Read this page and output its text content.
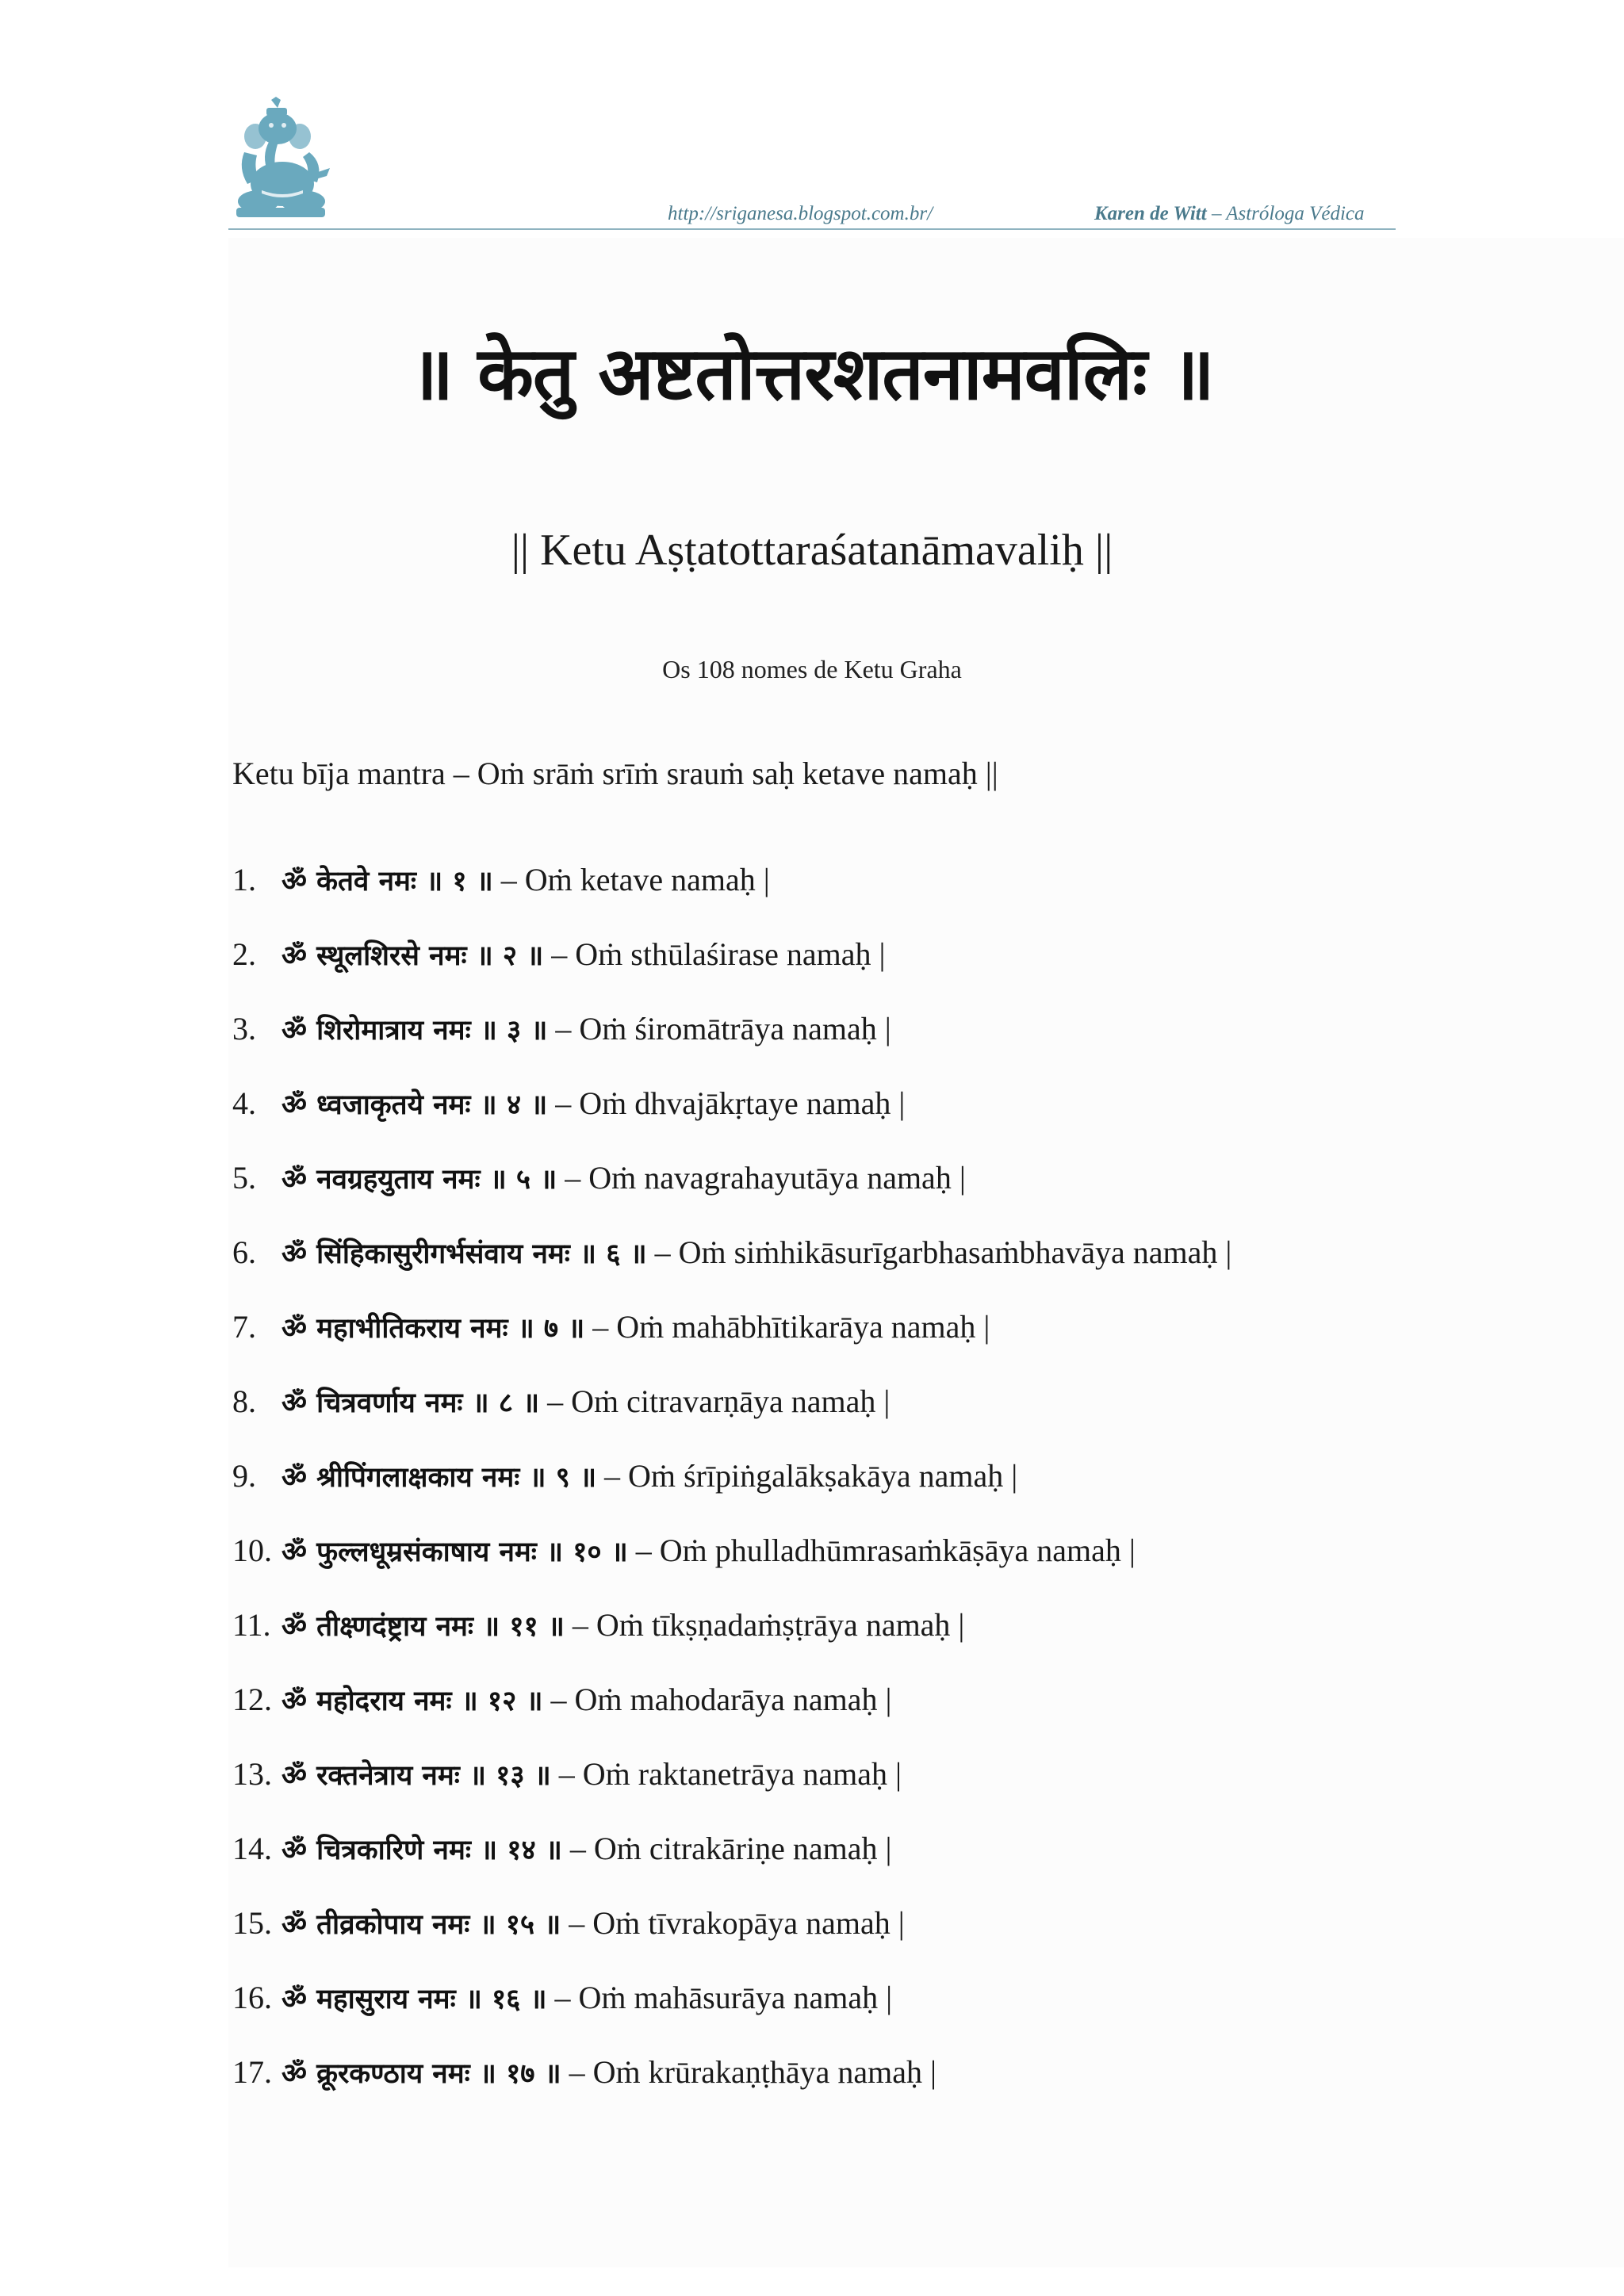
http://sriganesa.blogspot.com.br/	Karen de Witt – Astróloga Védica
॥ केतु अष्टतोत्तरशतनामवलिः ॥
|| Ketu Aṣṭatottaraśatanāmavaliḥ ||
Os 108 nomes de Ketu Graha
Ketu bīja mantra – Oṁ srāṁ srīṁ srauṁ saḥ ketave namaḥ ||
1. ॐ केतवे नमः ॥ १ ॥ – Oṁ ketave namaḥ |
2. ॐ स्थूलशिरसे नमः ॥ २ ॥ – Oṁ sthūlaśirase namaḥ |
3. ॐ शिरोमात्राय नमः ॥ ३ ॥ – Oṁ śiromātrāya namaḥ |
4. ॐ ध्वजाकृतये नमः ॥ ४ ॥ – Oṁ dhvajākṛtaye namaḥ |
5. ॐ नवग्रहयुताय नमः ॥ ५ ॥ – Oṁ navagrahayutāya namaḥ |
6. ॐ सिंहिकासुरीगर्भसंवाय नमः ॥ ६ ॥ – Oṁ siṁhikāsurīgarbhasaṁbhavāya namaḥ |
7. ॐ महाभीतिकराय नमः ॥ ७ ॥ – Oṁ mahābhītikarāya namaḥ |
8. ॐ चित्रवर्णाय नमः ॥ ८ ॥ – Oṁ citravarṇāya namaḥ |
9. ॐ श्रीपिंगलाक्षकाय नमः ॥ ९ ॥ – Oṁ śrīpiṅgalākṣakāya namaḥ |
10. ॐ फुल्लधूम्रसंकाषाय नमः ॥ १० ॥ – Oṁ phulladhūmrasaṁkāṣāya namaḥ |
11. ॐ तीक्ष्णदंष्ट्राय नमः ॥ ११ ॥ – Oṁ tīkṣṇadaṁṣṭrāya namaḥ |
12. ॐ महोदराय नमः ॥ १२ ॥ – Oṁ mahodarāya namaḥ |
13. ॐ रक्तनेत्राय नमः ॥ १३ ॥ – Oṁ raktanetrāya namaḥ |
14. ॐ चित्रकारिणे नमः ॥ १४ ॥ – Oṁ citrakāriṇe namaḥ |
15. ॐ तीव्रकोपाय नमः ॥ १५ ॥ – Oṁ tīvrakopāya namaḥ |
16. ॐ महासुराय नमः ॥ १६ ॥ – Oṁ mahāsurāya namaḥ |
17. ॐ क्रूरकण्ठाय नमः ॥ १७ ॥ – Oṁ krūrakaṇṭhāya namaḥ |
